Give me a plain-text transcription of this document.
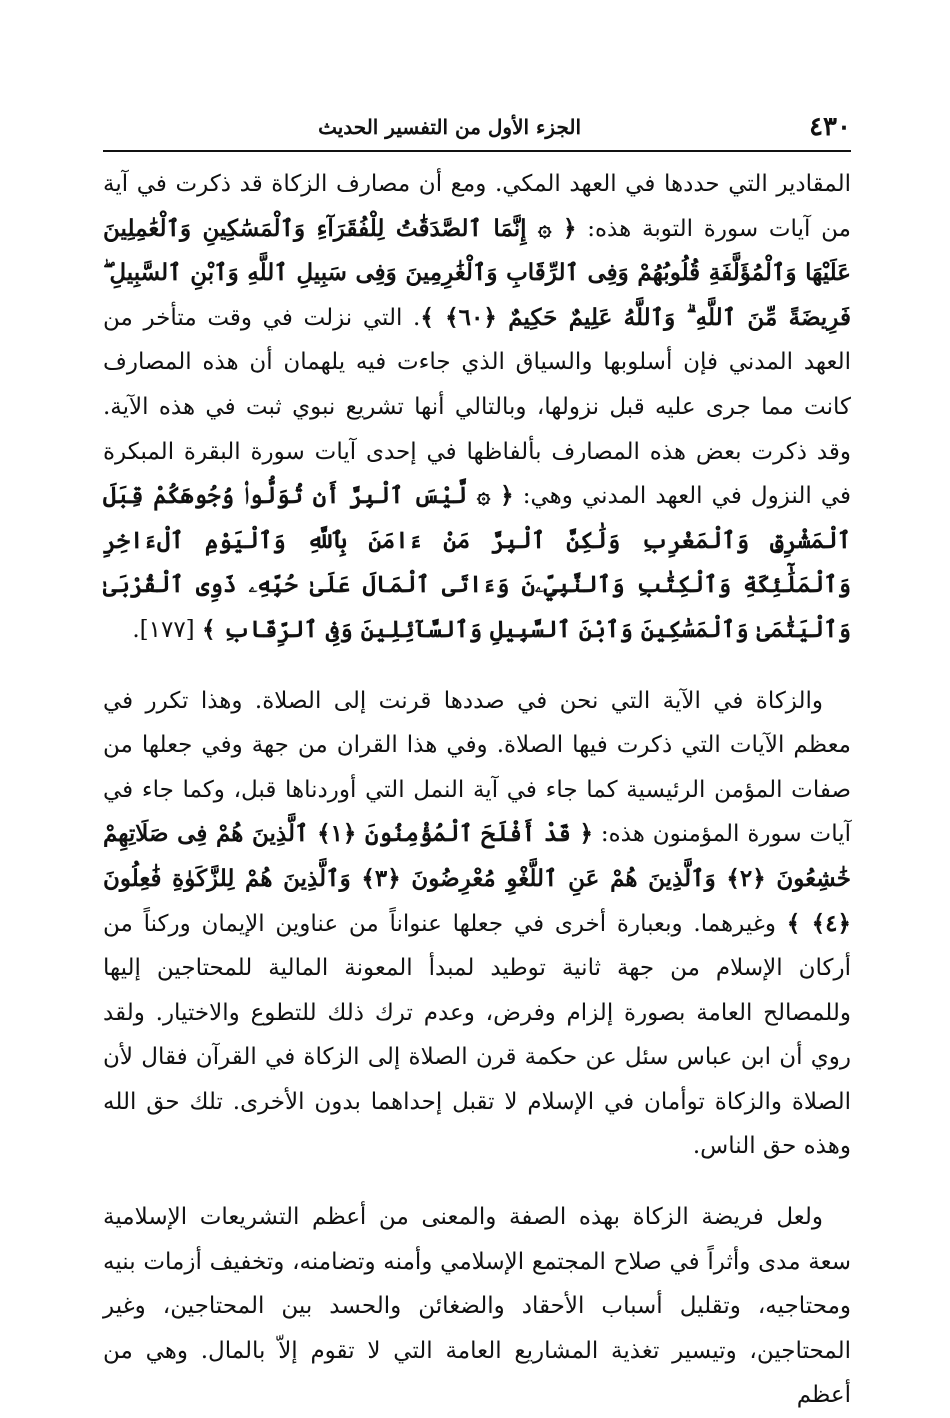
٤٣٠
الجزء الأول من التفسير الحديث

المقادير التي حددها في العهد المكي. ومع أن مصارف الزكاة قد ذكرت في آية من آيات سورة التوبة هذه: ﴿ ۞ إِنَّمَا ٱلصَّدَقَٰتُ لِلْفُقَرَآءِ وَٱلْمَسَٰكِينِ وَٱلْعَٰمِلِينَ عَلَيْهَا وَٱلْمُؤَلَّفَةِ قُلُوبُهُمْ وَفِى ٱلرِّقَابِ وَٱلْغَٰرِمِينَ وَفِى سَبِيلِ ٱللَّهِ وَٱبْنِ ٱلسَّبِيلِ ۖ فَرِيضَةً مِّنَ ٱللَّهِ ۗ وَٱللَّهُ عَلِيمٌ حَكِيمٌ ﴿٦٠﴾ ﴾. التي نزلت في وقت متأخر من العهد المدني فإن أسلوبها والسياق الذي جاءت فيه يلهمان أن هذه المصارف كانت مما جرى عليه قبل نزولها، وبالتالي أنها تشريع نبوي ثبت في هذه الآية. وقد ذكرت بعض هذه المصارف بألفاظها في إحدى آيات سورة البقرة المبكرة في النزول في العهد المدني وهي: ﴿ ۞ لَّيْسَ ٱلْبِرَّ أَن تُوَلُّوا۟ وُجُوهَكُمْ قِبَلَ ٱلْمَشْرِقِ وَٱلْمَغْرِبِ وَلَٰكِنَّ ٱلْبِرَّ مَنْ ءَامَنَ بِٱللَّهِ وَٱلْيَوْمِ ٱلْءَاخِرِ وَٱلْمَلَٰٓئِكَةِ وَٱلْكِتَٰبِ وَٱلنَّبِيِّۦنَ وَءَاتَى ٱلْمَالَ عَلَىٰ حُبِّهِۦ ذَوِى ٱلْقُرْبَىٰ وَٱلْيَتَٰمَىٰ وَٱلْمَسَٰكِينَ وَٱبْنَ ٱلسَّبِيلِ وَٱلسَّآئِلِينَ وَفِى ٱلرِّقَابِ ﴾ [١٧٧].

والزكاة في الآية التي نحن في صددها قرنت إلى الصلاة. وهذا تكرر في معظم الآيات التي ذكرت فيها الصلاة. وفي هذا القران من جهة وفي جعلها من صفات المؤمن الرئيسية كما جاء في آية النمل التي أوردناها قبل، وكما جاء في آيات سورة المؤمنون هذه: ﴿ قَدْ أَفْلَحَ ٱلْمُؤْمِنُونَ ﴿١﴾ ٱلَّذِينَ هُمْ فِى صَلَاتِهِمْ خَٰشِعُونَ ﴿٢﴾ وَٱلَّذِينَ هُمْ عَنِ ٱللَّغْوِ مُعْرِضُونَ ﴿٣﴾ وَٱلَّذِينَ هُمْ لِلزَّكَوٰةِ فَٰعِلُونَ ﴿٤﴾ ﴾ وغيرهما. وبعبارة أخرى في جعلها عنواناً من عناوين الإيمان وركناً من أركان الإسلام من جهة ثانية توطيد لمبدأ المعونة المالية للمحتاجين إليها وللمصالح العامة بصورة إلزام وفرض، وعدم ترك ذلك للتطوع والاختيار. ولقد روي أن ابن عباس سئل عن حكمة قرن الصلاة إلى الزكاة في القرآن فقال لأن الصلاة والزكاة توأمان في الإسلام لا تقبل إحداهما بدون الأخرى. تلك حق الله وهذه حق الناس.

ولعل فريضة الزكاة بهذه الصفة والمعنى من أعظم التشريعات الإسلامية سعة مدى وأثراً في صلاح المجتمع الإسلامي وأمنه وتضامنه، وتخفيف أزمات بنيه ومحتاجيه، وتقليل أسباب الأحقاد والضغائن والحسد بين المحتاجين، وغير المحتاجين، وتيسير تغذية المشاريع العامة التي لا تقوم إلاّ بالمال. وهي من أعظم
